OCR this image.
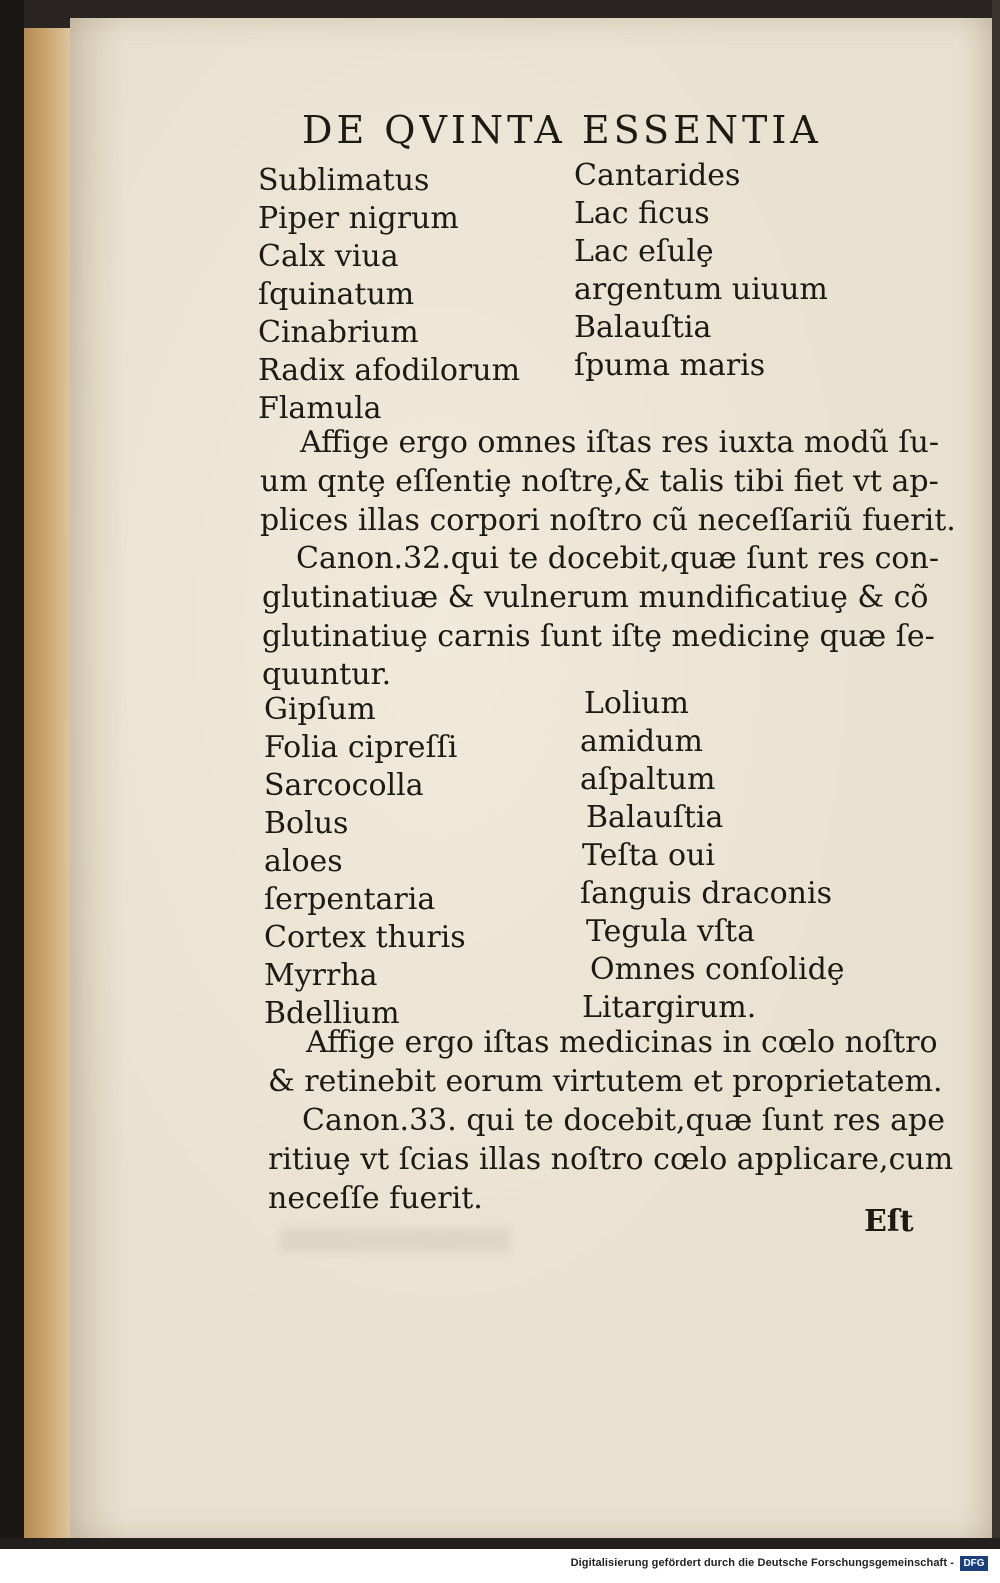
DE QVINTA ESSENTIA
Sublimatus
Piper nigrum
Calx viua
ſquinatum
Cinabrium
Radix afodilorum
Flamula
Cantarides
Lac ficus
Lac eſulȩ
argentum uiuum
Balauſtia
ſpuma maris
Affige ergo omnes iſtas res iuxta modũ ſu-
um qntȩ eſſentiȩ noſtrȩ,& talis tibi fiet vt ap-
plices illas corpori noſtro cũ neceſſariũ fuerit.
Canon.32.qui te docebit,quæ ſunt res con-
glutinatiuæ & vulnerum mundificatiuȩ & cõ
glutinatiuȩ carnis ſunt iſtȩ medicinȩ quæ ſe-
quuntur.
Gipſum
Folia cipreſſi
Sarcocolla
Bolus
aloes
ſerpentaria
Cortex thuris
Myrrha
Bdellium
Lolium
amidum
aſpaltum
Balauſtia
Teſta oui
ſanguis draconis
Tegula vſta
Omnes conſolidȩ
Litargirum.
Affige ergo iſtas medicinas in cœlo noſtro
& retinebit eorum virtutem et proprietatem.
Canon.33. qui te docebit,quæ ſunt res ape
ritiuȩ vt ſcias illas noſtro cœlo applicare,cum
neceſſe fuerit.
Eſt
Digitalisierung gefördert durch die Deutsche Forschungsgemeinschaft - DFG
